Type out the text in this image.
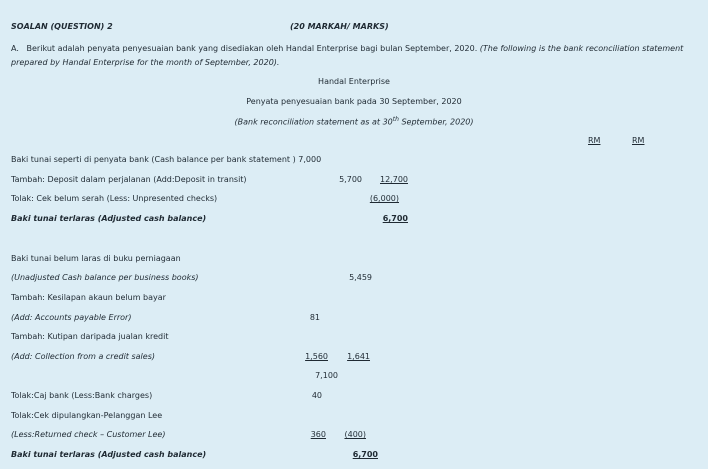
SOALAN (QUESTION) 2	(20 MARKAH/ MARKS)
A. Berikut adalah penyata penyesuaian bank yang disediakan oleh Handal Enterprise bagi bulan September, 2020. (The following is the bank reconciliation statement prepared by Handal Enterprise for the month of September, 2020).
Handal Enterprise
Penyata penyesuaian bank pada 30 September, 2020
(Bank reconciliation statement as at 30th September, 2020)
RM	RM
Baki tunai seperti di penyata bank (Cash balance per bank statement ) 7,000
Tambah: Deposit dalam perjalanan (Add:Deposit in transit)	5,700	12,700
Tolak: Cek belum serah (Less: Unpresented checks)	(6,000)
Baki tunai terlaras (Adjusted cash balance)	6,700
Baki tunai belum laras di buku perniagaan
(Unadjusted Cash balance per business books)	5,459
Tambah: Kesilapan akaun belum bayar
(Add: Accounts payable Error)	81
Tambah: Kutipan daripada jualan kredit
(Add: Collection from a credit sales)	1,560	1,641
7,100
Tolak:Caj bank (Less:Bank charges)	40
Tolak:Cek dipulangkan-Pelanggan Lee
(Less:Returned check – Customer Lee)	360	(400)
Baki tunai terlaras (Adjusted cash balance)	6,700
